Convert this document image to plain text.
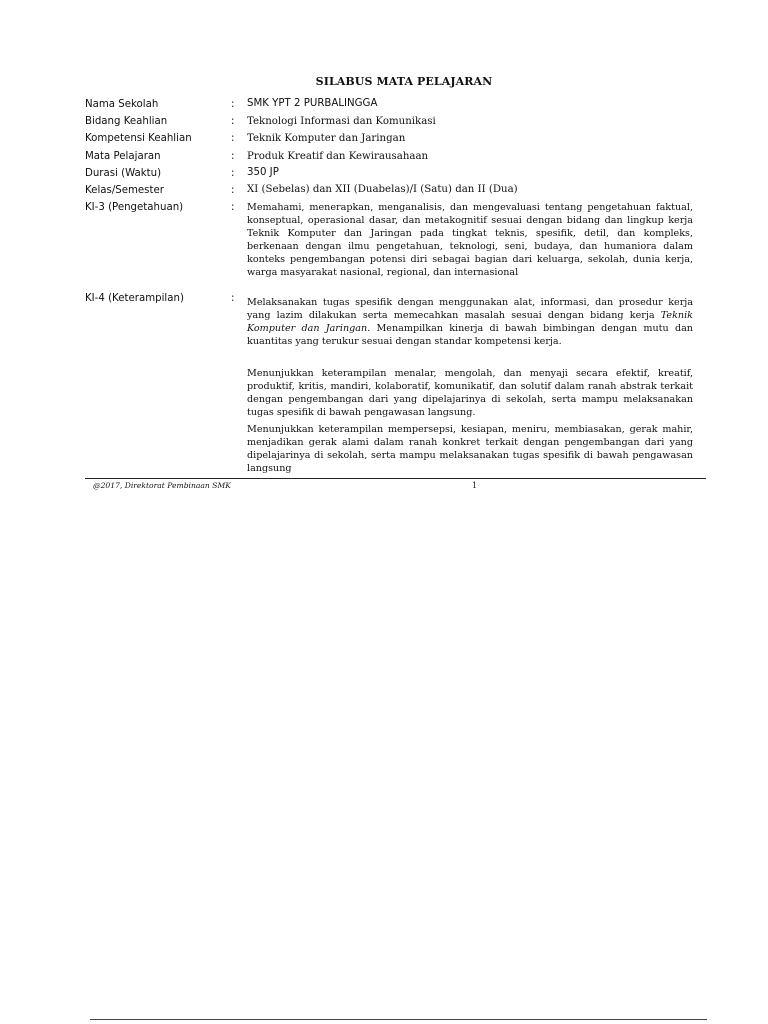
SILABUS MATA PELAJARAN
Nama Sekolah	: SMK YPT 2 PURBALINGGA
Bidang Keahlian	: Teknologi Informasi dan Komunikasi
Kompetensi Keahlian	: Teknik Komputer dan Jaringan
Mata Pelajaran	: Produk Kreatif dan Kewirausahaan
Durasi (Waktu)	: 350 JP
Kelas/Semester	: XI (Sebelas) dan XII (Duabelas)/I (Satu) dan II (Dua)
KI-3 (Pengetahuan)	: Memahami, menerapkan, menganalisis, dan mengevaluasi tentang pengetahuan faktual, konseptual, operasional dasar, dan metakognitif sesuai dengan bidang dan lingkup kerja Teknik Komputer dan Jaringan pada tingkat teknis, spesifik, detil, dan kompleks, berkenaan dengan ilmu pengetahuan, teknologi, seni, budaya, dan humaniora dalam konteks pengembangan potensi diri sebagai bagian dari keluarga, sekolah, dunia kerja, warga masyarakat nasional, regional, dan internasional
KI-4 (Keterampilan)	: Melaksanakan tugas spesifik dengan menggunakan alat, informasi, dan prosedur kerja yang lazim dilakukan serta memecahkan masalah sesuai dengan bidang kerja Teknik Komputer dan Jaringan. Menampilkan kinerja di bawah bimbingan dengan mutu dan kuantitas yang terukur sesuai dengan standar kompetensi kerja.
Menunjukkan keterampilan menalar, mengolah, dan menyaji secara efektif, kreatif, produktif, kritis, mandiri, kolaboratif, komunikatif, dan solutif dalam ranah abstrak terkait dengan pengembangan dari yang dipelajarinya di sekolah, serta mampu melaksanakan tugas spesifik di bawah pengawasan langsung.
Menunjukkan keterampilan mempersepsi, kesiapan, meniru, membiasakan, gerak mahir, menjadikan gerak alami dalam ranah konkret terkait dengan pengembangan dari yang dipelajarinya di sekolah, serta mampu melaksanakan tugas spesifik di bawah pengawasan langsung
@2017, Direktorat Pembinaan SMK	1
